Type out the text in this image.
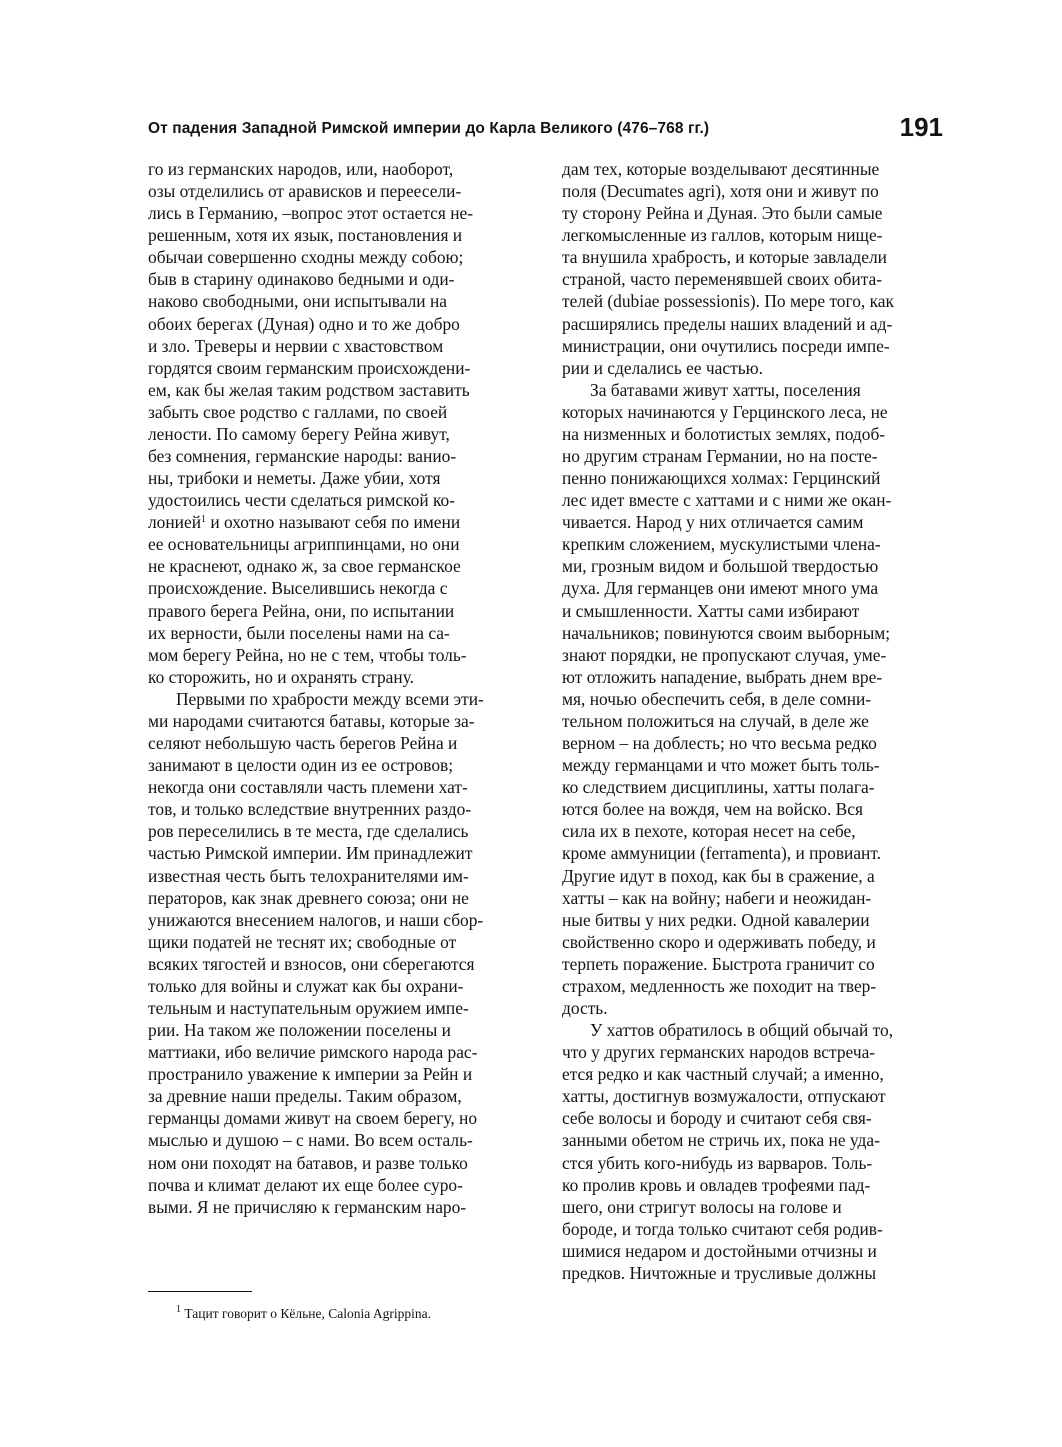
От падения Западной Римской империи до Карла Великого (476–768 гг.)	191
го из германских народов, или, наоборот,
озы отделились от арависков и переесели-
лись в Германию, –вопрос этот остается не-
решенным, хотя их язык, постановления и
обычаи совершенно сходны между собою;
быв в старину одинаково бедными и оди-
наково свободными, они испытывали на
обоих берегах (Дуная) одно и то же добро
и зло. Треверы и нервии с хвастовством
гордятся своим германским происхождени-
ем, как бы желая таким родством заставить
забыть свое родство с галлами, по своей
лености. По самому берегу Рейна живут,
без сомнения, германские народы: ванио-
ны, трибоки и неметы. Даже убии, хотя
удостоились чести сделаться римской ко-
лонией$^1$ и охотно называют себя по имени
ее основательницы агриппинцами, но они
не краснеют, однако ж, за свое германское
происхождение. Выселившись некогда с
правого берега Рейна, они, по испытании
их верности, были поселены нами на са-
мом берегу Рейна, но не с тем, чтобы толь-
ко сторожить, но и охранять страну.
Первыми по храбрости между всеми эти-
ми народами считаются батавы, которые за-
селяют небольшую часть берегов Рейна и
занимают в целости один из ее островов;
некогда они составляли часть племени хат-
тов, и только вследствие внутренних раздо-
ров переселились в те места, где сделались
частью Римской империи. Им принадлежит
известная честь быть телохранителями им-
ператоров, как знак древнего союза; они не
унижаются внесением налогов, и наши сбор-
щики податей не теснят их; свободные от
всяких тягостей и взносов, они сберегаются
только для войны и служат как бы охрани-
тельным и наступательным оружием импе-
рии. На таком же положении поселены и
маттиаки, ибо величие римского народа рас-
пространило уважение к империи за Рейн и
за древние наши пределы. Таким образом,
германцы домами живут на своем берегу, но
мыслью и душою – с нами. Во всем осталь-
ном они походят на батавов, и разве только
почва и климат делают их еще более суро-
выми. Я не причисляю к германским наро-
дам тех, которые возделывают десятинные
поля (Decumates agri), хотя они и живут по
ту сторону Рейна и Дуная. Это были самые
легкомысленные из галлов, которым нище-
та внушила храбрость, и которые завладели
страной, часто переменявшей своих обита-
телей (dubiae possessionis). По мере того, как
расширялись пределы наших владений и ад-
министрации, они очутились посреди импе-
рии и сделались ее частью.
За батавами живут хатты, поселения
которых начинаются у Герцинского леса, не
на низменных и болотистых землях, подоб-
но другим странам Германии, но на посте-
пенно понижающихся холмах: Герцинский
лес идет вместе с хаттами и с ними же окан-
чивается. Народ у них отличается самим
крепким сложением, мускулистыми члена-
ми, грозным видом и большой твердостью
духа. Для германцев они имеют много ума
и смышленности. Хатты сами избирают
начальников; повинуются своим выборным;
знают порядки, не пропускают случая, уме-
ют отложить нападение, выбрать днем вре-
мя, ночью обеспечить себя, в деле сомни-
тельном положиться на случай, в деле же
верном – на доблесть; но что весьма редко
между германцами и что может быть толь-
ко следствием дисциплины, хатты полага-
ются более на вождя, чем на войско. Вся
сила их в пехоте, которая несет на себе,
кроме аммуниции (ferramenta), и провиант.
Другие идут в поход, как бы в сражение, а
хатты – как на войну; набеги и неожидан-
ные битвы у них редки. Одной кавалерии
свойственно скоро и одерживать победу, и
терпеть поражение. Быстрота граничит со
страхом, медленность же походит на твер-
дость.
У хаттов обратилось в общий обычай то,
что у других германских народов встреча-
ется редко и как частный случай; а именно,
хатты, достигнув возмужалости, отпускают
себе волосы и бороду и считают себя свя-
занными обетом не стричь их, пока не уда-
стся убить кого-нибудь из варваров. Толь-
ко пролив кровь и овладев трофеями пад-
шего, они стригут волосы на голове и
бороде, и тогда только считают себя родив-
шимися недаром и достойными отчизны и
предков. Ничтожные и трусливые должны
$^1$ Тацит говорит о Кёльне, Calonia Agrippina.
